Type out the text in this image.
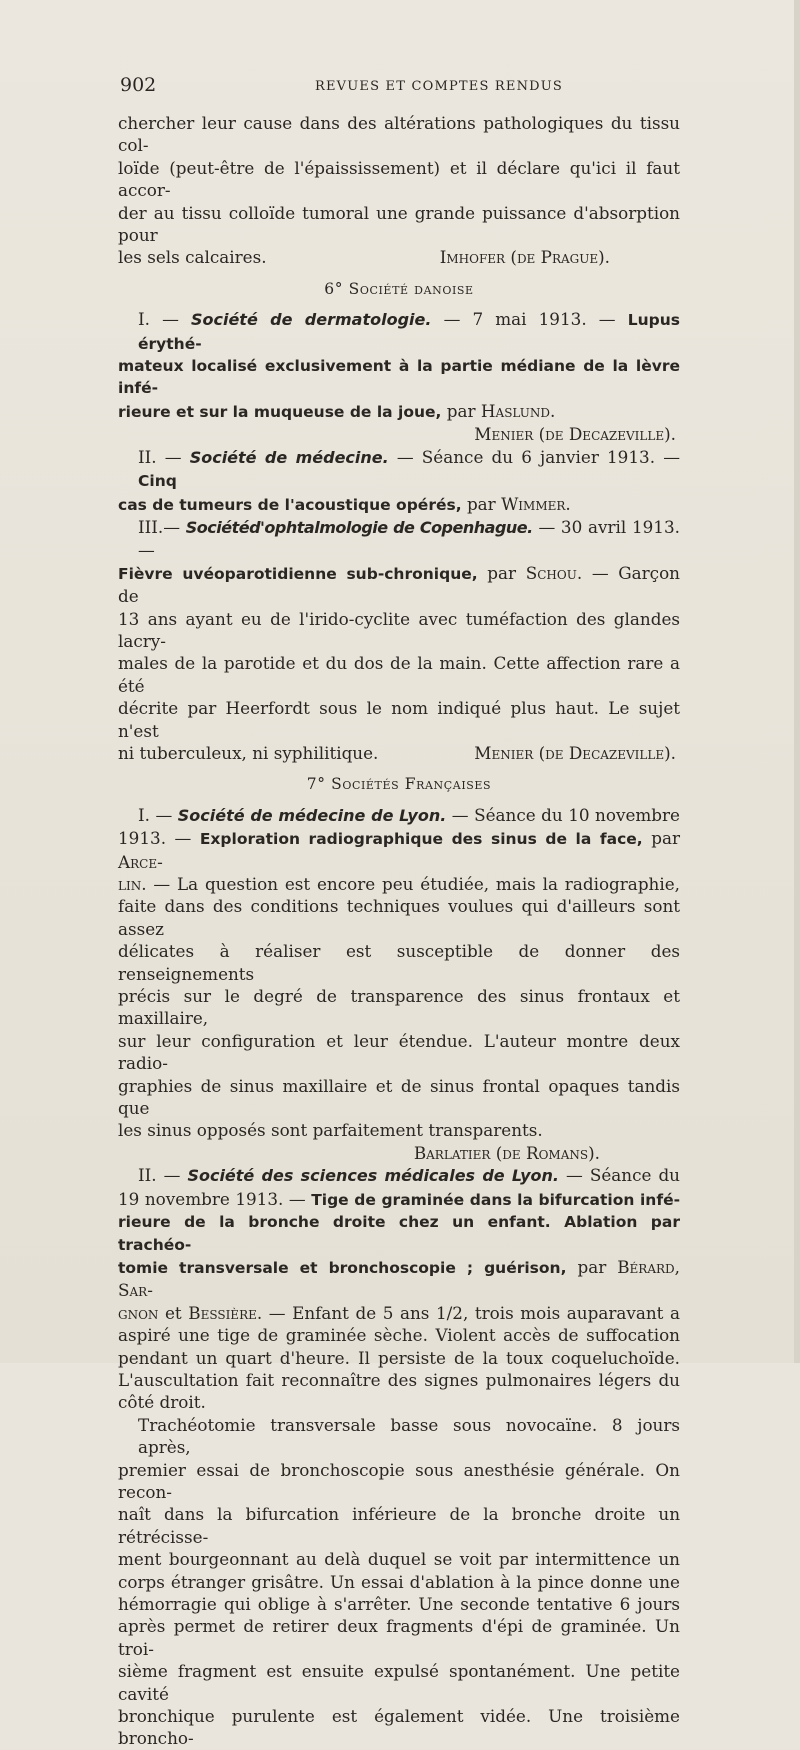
902	REVUES ET COMPTES RENDUS
chercher leur cause dans des altérations pathologiques du tissu col-
loïde (peut-être de l'épaississement) et il déclare qu'ici il faut accor-
der au tissu colloïde tumoral une grande puissance d'absorption pour
les sels calcaires.	Imhofer (de Prague).
6° Société danoise
I. — Société de dermatologie. — 7 mai 1913. — Lupus érythé-
mateux localisé exclusivement à la partie médiane de la lèvre infé-
rieure et sur la muqueuse de la joue, par Haslund.
Menier (de Decazeville).
II. — Société de médecine. — Séance du 6 janvier 1913. — Cinq
cas de tumeurs de l'acoustique opérés, par Wimmer.
III.— Sociétéd'ophtalmologie de Copenhague. — 30 avril 1913. —
Fièvre uvéoparotidienne sub-chronique, par Schou. — Garçon de
13 ans ayant eu de l'irido-cyclite avec tuméfaction des glandes lacry-
males de la parotide et du dos de la main. Cette affection rare a été
décrite par Heerfordt sous le nom indiqué plus haut. Le sujet n'est
ni tuberculeux, ni syphilitique.	Menier (de Decazeville).
7° Sociétés Françaises
I. — Société de médecine de Lyon. — Séance du 10 novembre
1913. — Exploration radiographique des sinus de la face, par Arce-
lin. — La question est encore peu étudiée, mais la radiographie,
faite dans des conditions techniques voulues qui d'ailleurs sont assez
délicates à réaliser est susceptible de donner des renseignements
précis sur le degré de transparence des sinus frontaux et maxillaire,
sur leur configuration et leur étendue. L'auteur montre deux radio-
graphies de sinus maxillaire et de sinus frontal opaques tandis que
les sinus opposés sont parfaitement transparents.
Barlatier (de Romans).
II. — Société des sciences médicales de Lyon. — Séance du
19 novembre 1913. — Tige de graminée dans la bifurcation infé-
rieure de la bronche droite chez un enfant. Ablation par trachéo-
tomie transversale et bronchoscopie ; guérison, par Bérard, Sar-
gnon et Bessière. — Enfant de 5 ans 1/2, trois mois auparavant a
aspiré une tige de graminée sèche. Violent accès de suffocation
pendant un quart d'heure. Il persiste de la toux coqueluchoïde.
L'auscultation fait reconnaître des signes pulmonaires légers du
côté droit.
Trachéotomie transversale basse sous novocaïne. 8 jours après,
premier essai de bronchoscopie sous anesthésie générale. On recon-
naît dans la bifurcation inférieure de la bronche droite un rétrécisse-
ment bourgeonnant au delà duquel se voit par intermittence un
corps étranger grisâtre. Un essai d'ablation à la pince donne une
hémorragie qui oblige à s'arrêter. Une seconde tentative 6 jours
après permet de retirer deux fragments d'épi de graminée. Un troi-
sième fragment est ensuite expulsé spontanément. Une petite cavité
bronchique purulente est également vidée. Une troisième broncho-
